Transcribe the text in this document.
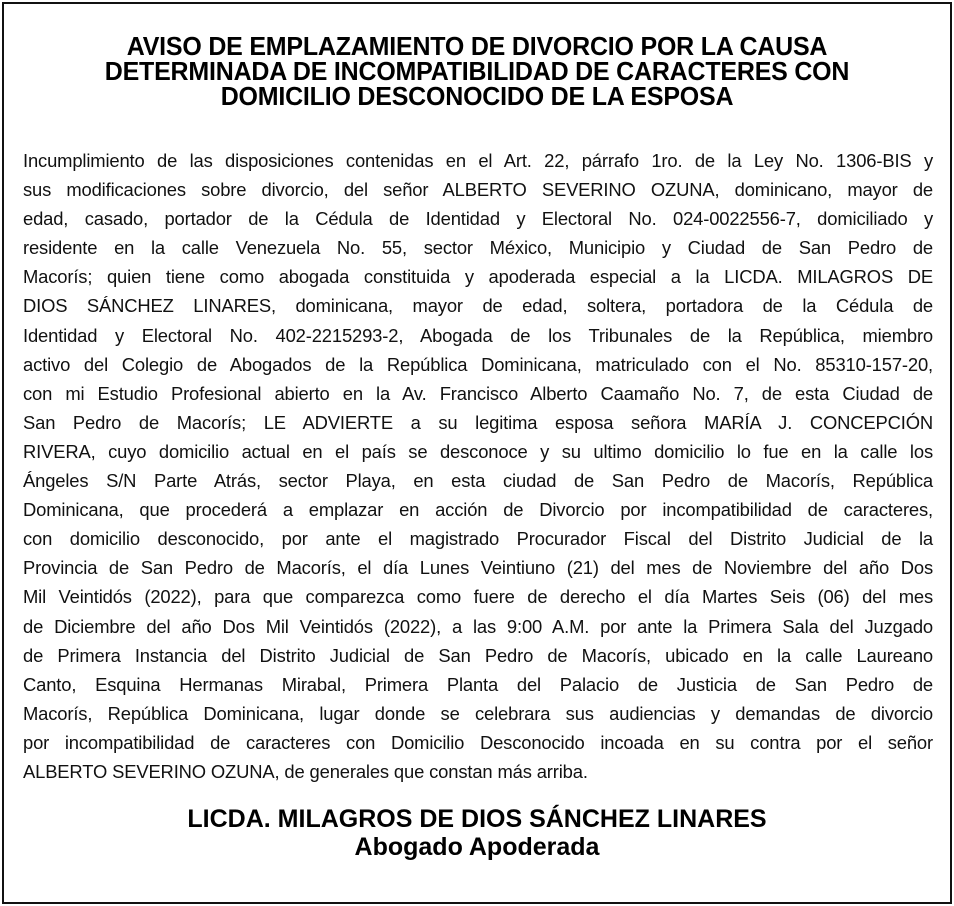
AVISO DE EMPLAZAMIENTO DE DIVORCIO POR LA CAUSA
DETERMINADA DE INCOMPATIBILIDAD DE CARACTERES CON
DOMICILIO DESCONOCIDO DE LA ESPOSA
Incumplimiento de las disposiciones contenidas en el Art. 22, párrafo 1ro. de la Ley No. 1306-BIS y
sus modificaciones sobre divorcio, del señor ALBERTO SEVERINO OZUNA, dominicano, mayor de
edad, casado, portador de la Cédula de Identidad y Electoral No. 024-0022556-7, domiciliado y
residente en la calle Venezuela No. 55, sector México, Municipio y Ciudad de San Pedro de
Macorís; quien tiene como abogada constituida y apoderada especial a la LICDA. MILAGROS DE
DIOS SÁNCHEZ LINARES, dominicana, mayor de edad, soltera, portadora de la Cédula de
Identidad y Electoral No. 402-2215293-2, Abogada de los Tribunales de la República, miembro
activo del Colegio de Abogados de la República Dominicana, matriculado con el No. 85310-157-20,
con mi Estudio Profesional abierto en la Av. Francisco Alberto Caamaño No. 7, de esta Ciudad de
San Pedro de Macorís; LE ADVIERTE a su legitima esposa señora MARÍA J. CONCEPCIÓN
RIVERA, cuyo domicilio actual en el país se desconoce y su ultimo domicilio lo fue en la calle los
Ángeles S/N Parte Atrás, sector Playa, en esta ciudad de San Pedro de Macorís, República
Dominicana, que procederá a emplazar en acción de Divorcio por incompatibilidad de caracteres,
con domicilio desconocido, por ante el magistrado Procurador Fiscal del Distrito Judicial de la
Provincia de San Pedro de Macorís, el día Lunes Veintiuno (21) del mes de Noviembre del año Dos
Mil Veintidós (2022), para que comparezca como fuere de derecho el día Martes Seis (06) del mes
de Diciembre del año Dos Mil Veintidós (2022), a las 9:00 A.M. por ante la Primera Sala del Juzgado
de Primera Instancia del Distrito Judicial de San Pedro de Macorís, ubicado en la calle Laureano
Canto, Esquina Hermanas Mirabal, Primera Planta del Palacio de Justicia de San Pedro de
Macorís, República Dominicana, lugar donde se celebrara sus audiencias y demandas de divorcio
por incompatibilidad de caracteres con Domicilio Desconocido incoada en su contra por el señor
ALBERTO SEVERINO OZUNA, de generales que constan más arriba.
LICDA. MILAGROS DE DIOS SÁNCHEZ LINARES
Abogado Apoderada
